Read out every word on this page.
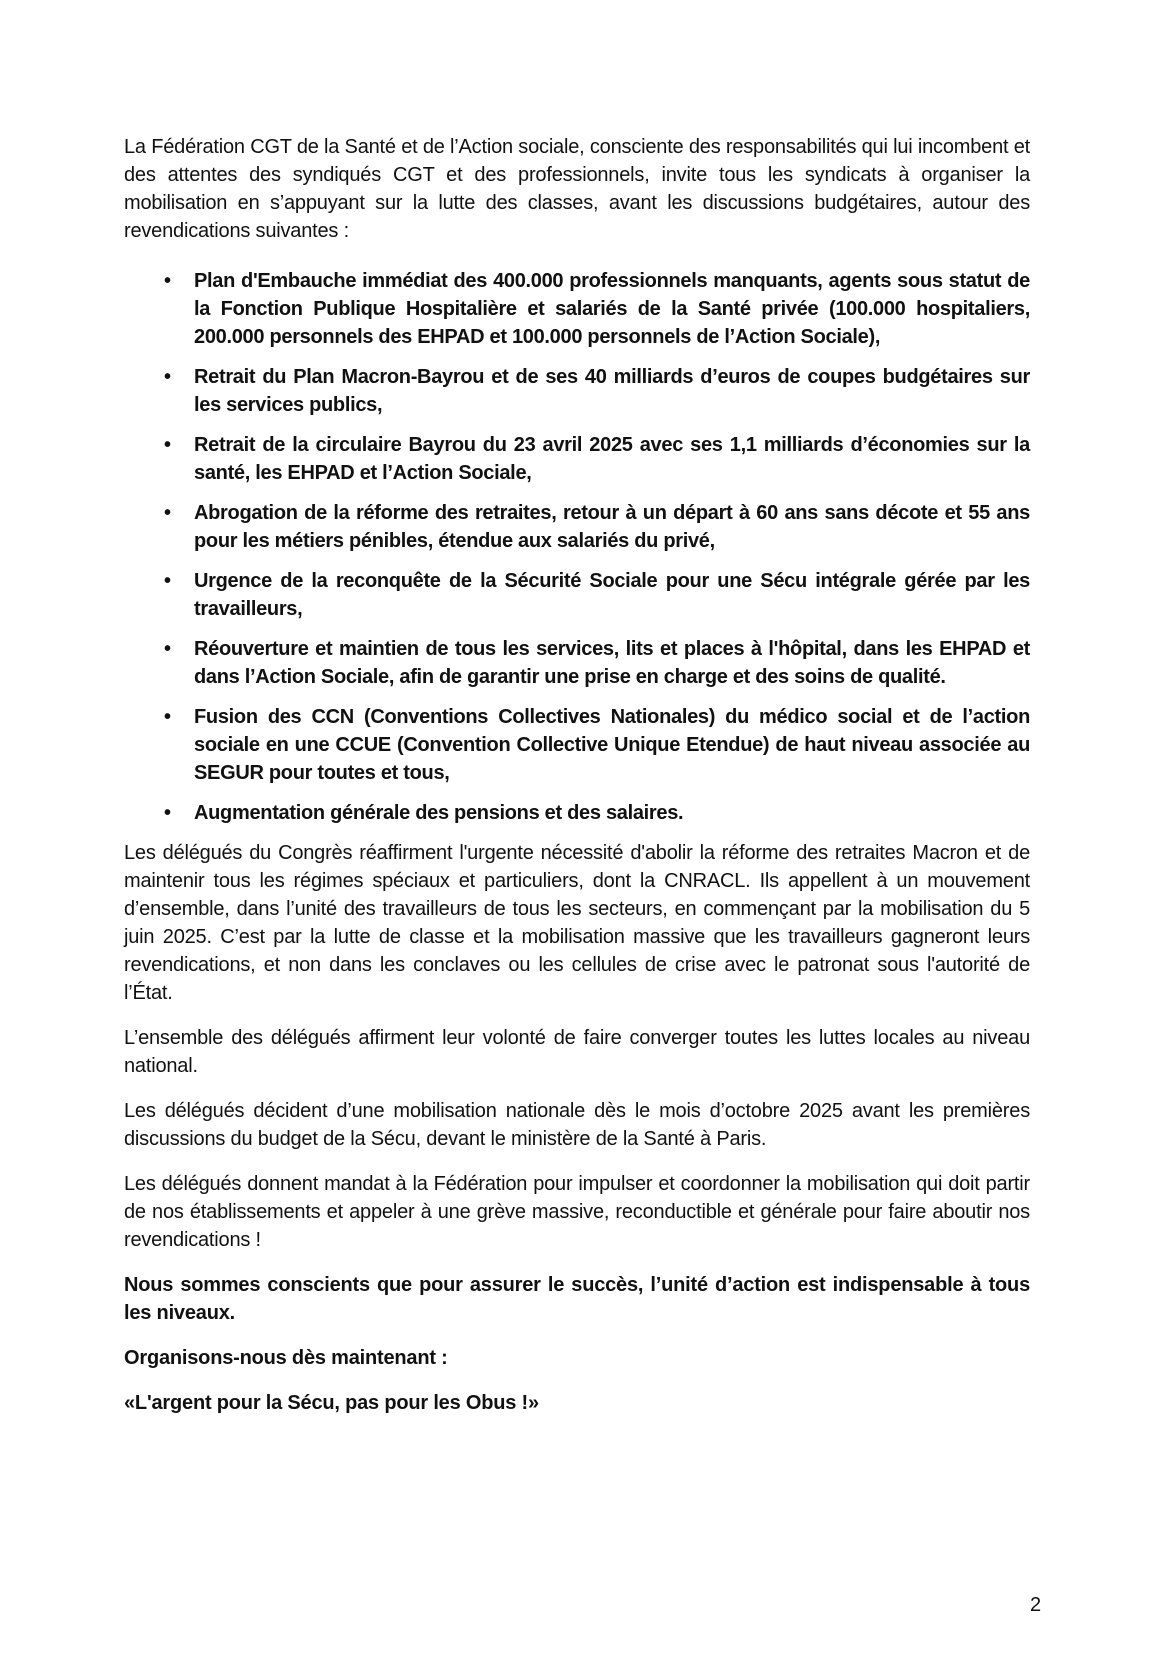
La Fédération CGT de la Santé et de l’Action sociale, consciente des responsabilités qui lui incombent et des attentes des syndiqués CGT et des professionnels, invite tous les syndicats à organiser la mobilisation en s’appuyant sur la lutte des classes, avant les discussions budgétaires, autour des revendications suivantes :

• Plan d'Embauche immédiat des 400.000 professionnels manquants, agents sous statut de la Fonction Publique Hospitalière et salariés de la Santé privée (100.000 hospitaliers, 200.000 personnels des EHPAD et 100.000 personnels de l’Action Sociale),
• Retrait du Plan Macron-Bayrou et de ses 40 milliards d’euros de coupes budgétaires sur les services publics,
• Retrait de la circulaire Bayrou du 23 avril 2025 avec ses 1,1 milliards d’économies sur la santé, les EHPAD et l’Action Sociale,
• Abrogation de la réforme des retraites, retour à un départ à 60 ans sans décote et 55 ans pour les métiers pénibles, étendue aux salariés du privé,
• Urgence de la reconquête de la Sécurité Sociale pour une Sécu intégrale gérée par les travailleurs,
• Réouverture et maintien de tous les services, lits et places à l'hôpital, dans les EHPAD et dans l’Action Sociale, afin de garantir une prise en charge et des soins de qualité.
• Fusion des CCN (Conventions Collectives Nationales) du médico social et de l’action sociale en une CCUE (Convention Collective Unique Etendue) de haut niveau associée au SEGUR pour toutes et tous,
• Augmentation générale des pensions et des salaires.

Les délégués du Congrès réaffirment l'urgente nécessité d'abolir la réforme des retraites Macron et de maintenir tous les régimes spéciaux et particuliers, dont la CNRACL. Ils appellent à un mouvement d’ensemble, dans l’unité des travailleurs de tous les secteurs, en commençant par la mobilisation du 5 juin 2025. C’est par la lutte de classe et la mobilisation massive que les travailleurs gagneront leurs revendications, et non dans les conclaves ou les cellules de crise avec le patronat sous l'autorité de l’État.

L’ensemble des délégués affirment leur volonté de faire converger toutes les luttes locales au niveau national.

Les délégués décident d’une mobilisation nationale dès le mois d’octobre 2025 avant les premières discussions du budget de la Sécu, devant le ministère de la Santé à Paris.

Les délégués donnent mandat à la Fédération pour impulser et coordonner la mobilisation qui doit partir de nos établissements et appeler à une grève massive, reconductible et générale pour faire aboutir nos revendications !

Nous sommes conscients que pour assurer le succès, l’unité d’action est indispensable à tous les niveaux.

Organisons-nous dès maintenant :

«L'argent pour la Sécu, pas pour les Obus !»

2
